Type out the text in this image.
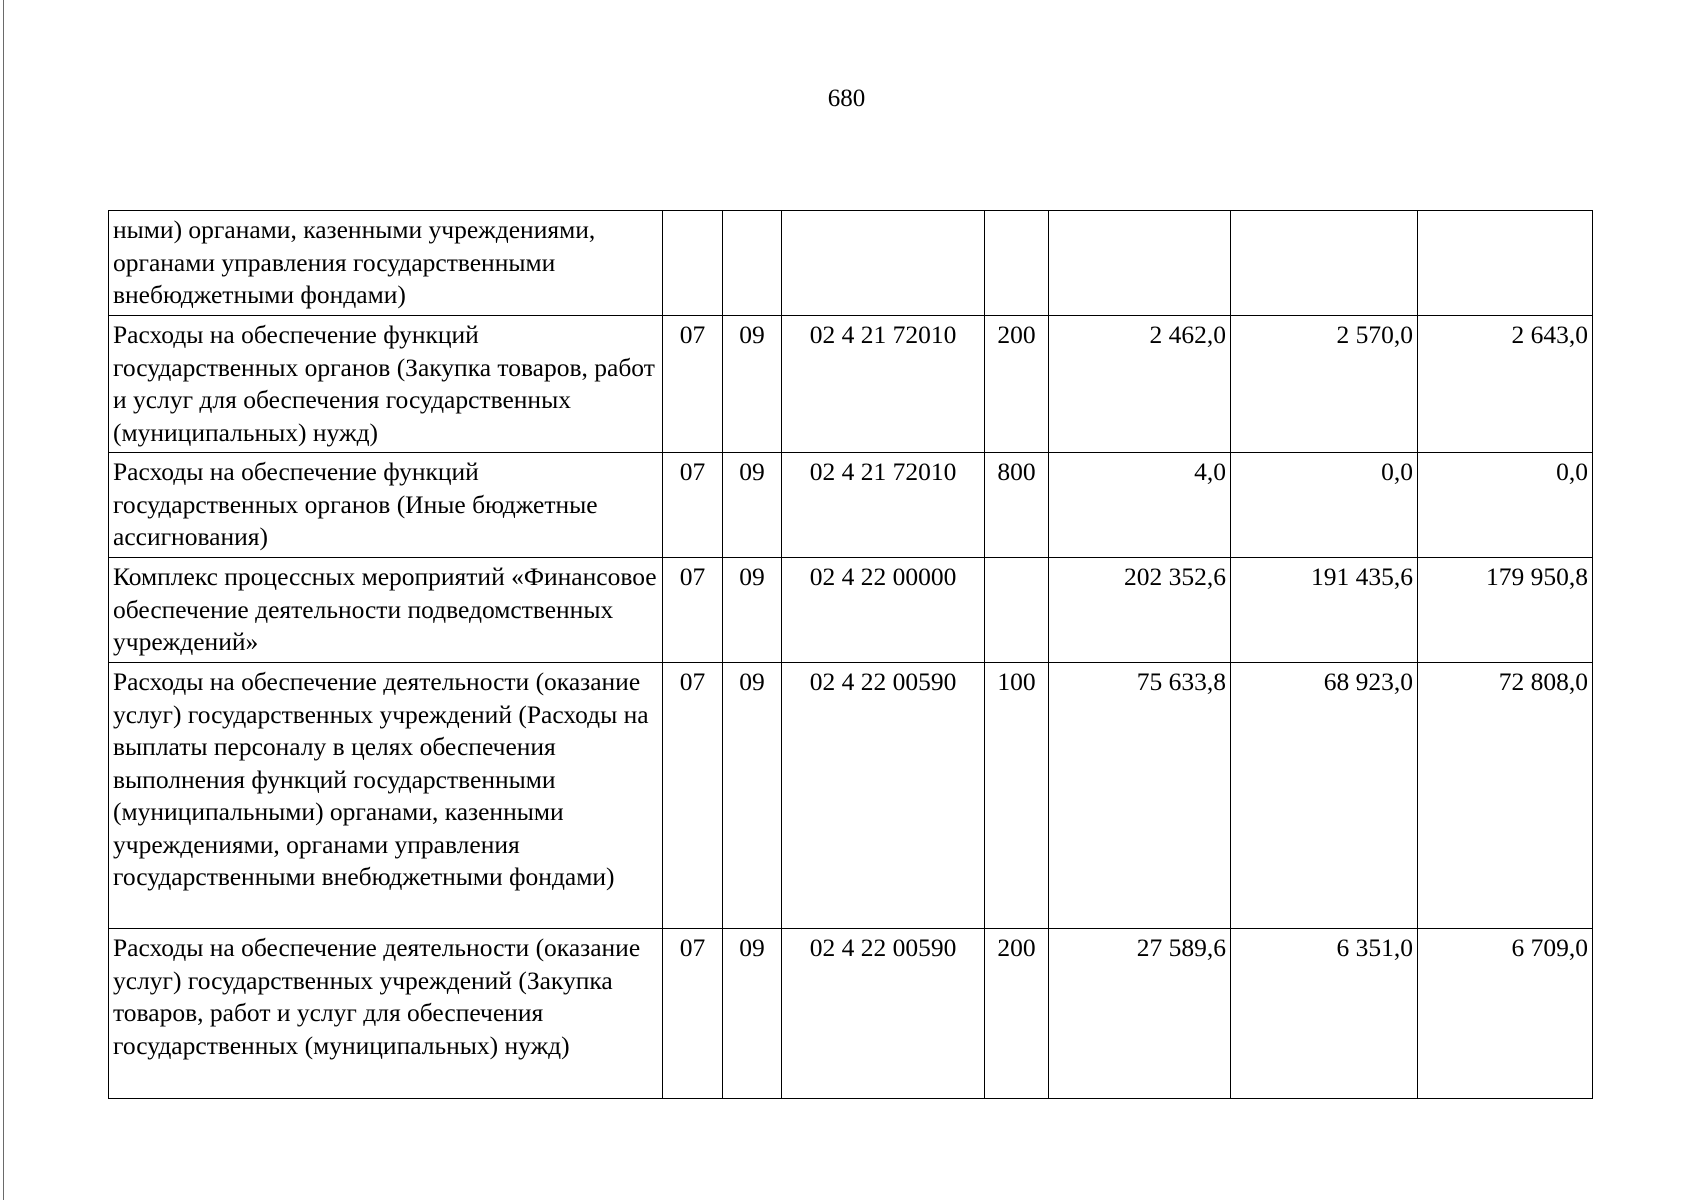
680
ными) органами, казенными учреждениями, органами управления государственными внебюджетными фондами)							
Расходы на обеспечение функций государственных органов (Закупка товаров, работ и услуг для обеспечения государственных (муниципальных) нужд)	07	09	02 4 21 72010	200	2 462,0	2 570,0	2 643,0
Расходы на обеспечение функций государственных органов (Иные бюджетные ассигнования)	07	09	02 4 21 72010	800	4,0	0,0	0,0
Комплекс процессных мероприятий «Финансовое обеспечение деятельности подведомственных учреждений»	07	09	02 4 22 00000		202 352,6	191 435,6	179 950,8
Расходы на обеспечение деятельности (оказание услуг) государственных учреждений (Расходы на выплаты персоналу в целях обеспечения выполнения функций государственными (муниципальными) органами, казенными учреждениями, органами управления государственными внебюджетными фондами)	07	09	02 4 22 00590	100	75 633,8	68 923,0	72 808,0
Расходы на обеспечение деятельности (оказание услуг) государственных учреждений (Закупка товаров, работ и услуг для обеспечения государственных (муниципальных) нужд)	07	09	02 4 22 00590	200	27 589,6	6 351,0	6 709,0
